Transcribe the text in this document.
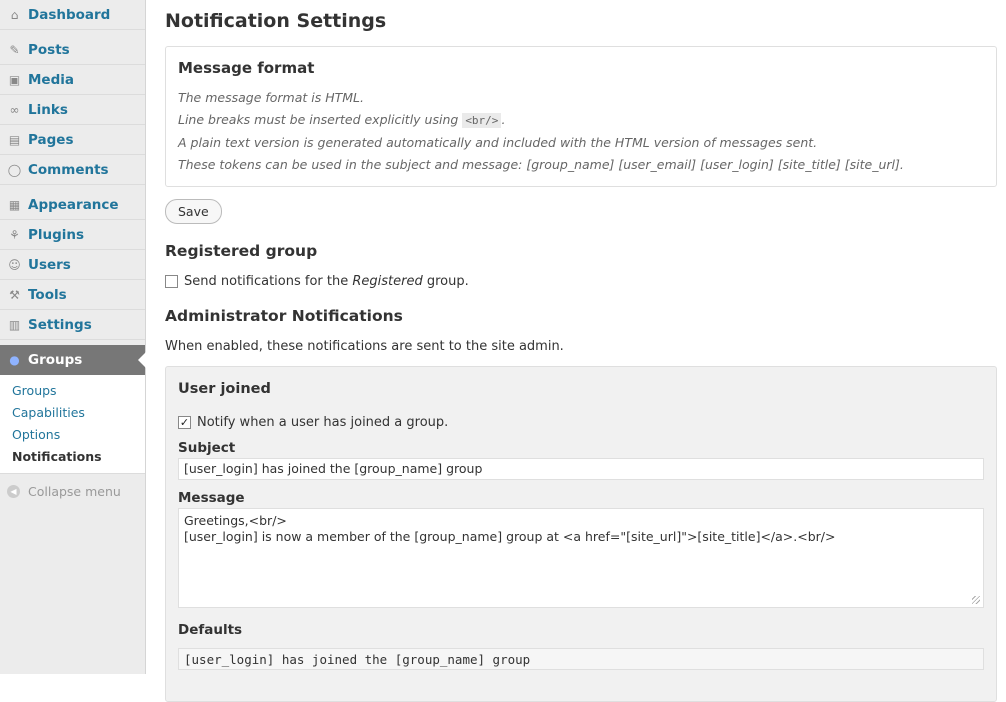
⌂ Dashboard
✎ Posts
▣ Media
∞ Links
▤ Pages
◯ Comments
▦ Appearance
⚘ Plugins
☺ Users
⚒ Tools
▥ Settings
● Groups
Groups
Capabilities
Options
Notifications
◀ Collapse menu
Notification Settings
Message format

The message format is HTML.

Line breaks must be inserted explicitly using <br/> .

A plain text version is generated automatically and included with the HTML version of messages sent.

These tokens can be used in the subject and message: [group_name] [user_email] [user_login] [site_title] [site_url].

Save
Registered group
Send notifications for the Registered group.
Administrator Notifications
When enabled, these notifications are sent to the site admin.
User joined
✓ Notify when a user has joined a group.
Subject
[user_login] has joined the [group_name] group
Message
Greetings,<br/>
[user_login] is now a member of the [group_name] group at <a href="[site_url]">[site_title]</a>.<br/>
Defaults
[user_login] has joined the [group_name] group
